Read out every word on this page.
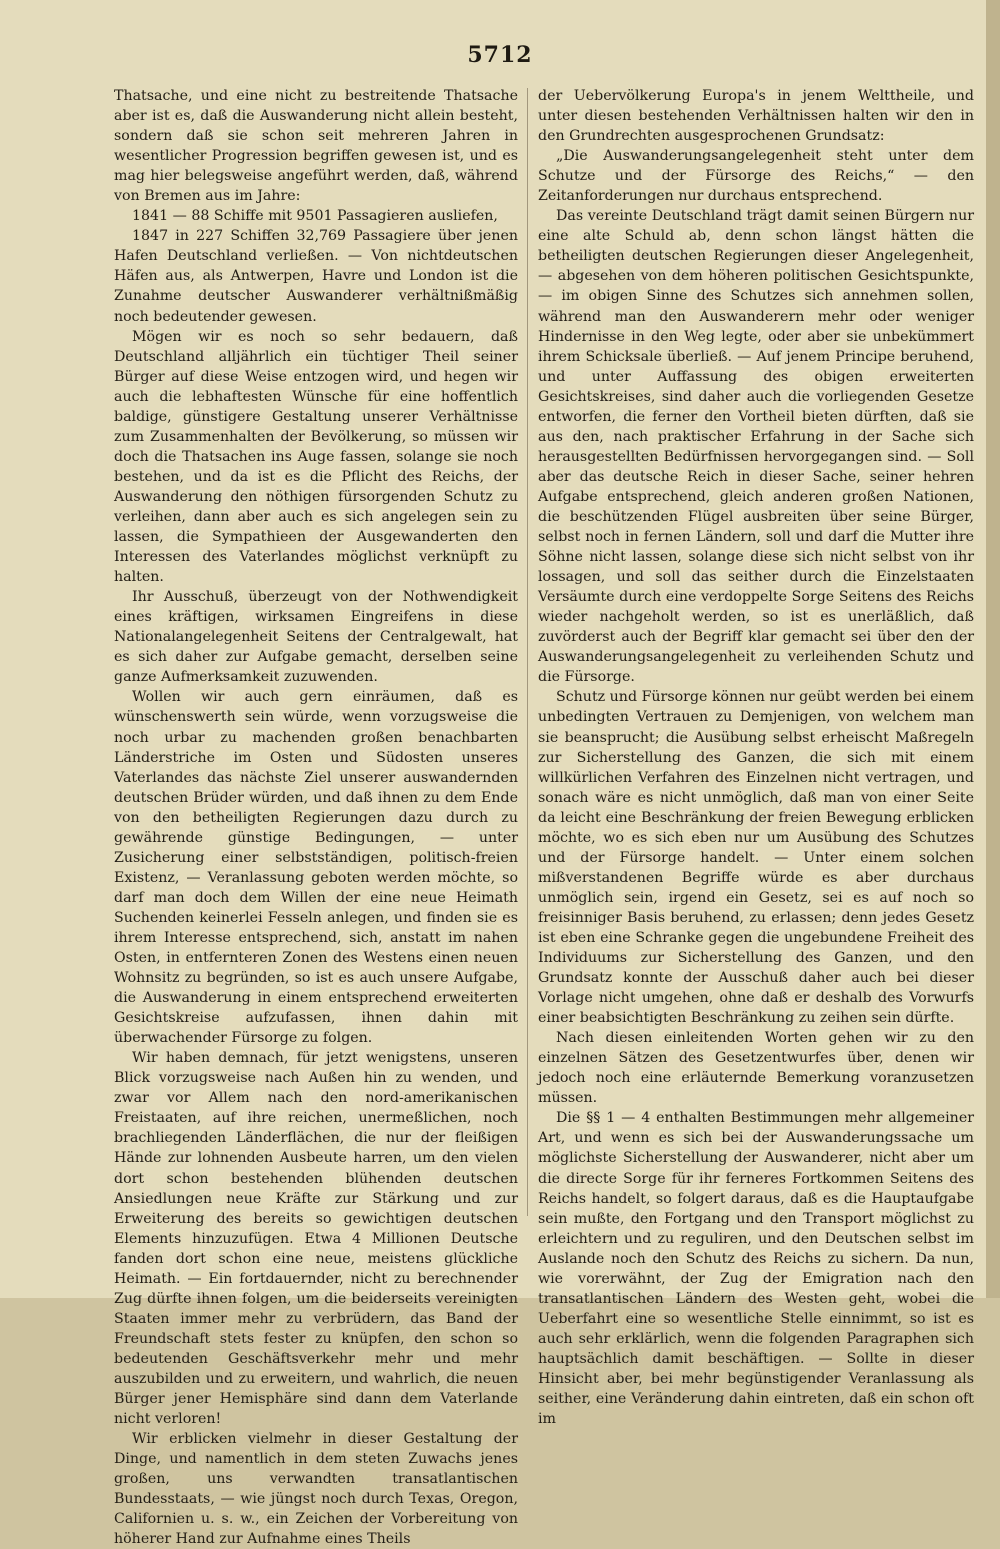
5712

Thatsache, und eine nicht zu bestreitende Thatsache aber ist es, daß die Auswanderung nicht allein besteht, sondern daß sie schon seit mehreren Jahren in wesentlicher Progression begriffen gewesen ist, und es mag hier belegsweise angeführt werden, daß, während von Bremen aus im Jahre:

1841 — 88 Schiffe mit 9501 Passagieren ausliefen,

1847 in 227 Schiffen 32,769 Passagiere über jenen Hafen Deutschland verließen. — Von nichtdeutschen Häfen aus, als Antwerpen, Havre und London ist die Zunahme deutscher Auswanderer verhältnißmäßig noch bedeutender gewesen.

Mögen wir es noch so sehr bedauern, daß Deutschland alljährlich ein tüchtiger Theil seiner Bürger auf diese Weise entzogen wird, und hegen wir auch die lebhaftesten Wünsche für eine hoffentlich baldige, günstigere Gestaltung unserer Verhältnisse zum Zusammenhalten der Bevölkerung, so müssen wir doch die Thatsachen ins Auge fassen, solange sie noch bestehen, und da ist es die Pflicht des Reichs, der Auswanderung den nöthigen fürsorgenden Schutz zu verleihen, dann aber auch es sich angelegen sein zu lassen, die Sympathieen der Ausgewanderten den Interessen des Vaterlandes möglichst verknüpft zu halten.

Ihr Ausschuß, überzeugt von der Nothwendigkeit eines kräftigen, wirksamen Eingreifens in diese Nationalangelegenheit Seitens der Centralgewalt, hat es sich daher zur Aufgabe gemacht, derselben seine ganze Aufmerksamkeit zuzuwenden.

Wollen wir auch gern einräumen, daß es wünschenswerth sein würde, wenn vorzugsweise die noch urbar zu machenden großen benachbarten Länderstriche im Osten und Südosten unseres Vaterlandes das nächste Ziel unserer auswandernden deutschen Brüder würden, und daß ihnen zu dem Ende von den betheiligten Regierungen dazu durch zu gewährende günstige Bedingungen, — unter Zusicherung einer selbstständigen, politisch-freien Existenz, — Veranlassung geboten werden möchte, so darf man doch dem Willen der eine neue Heimath Suchenden keinerlei Fesseln anlegen, und finden sie es ihrem Interesse entsprechend, sich, anstatt im nahen Osten, in entfernteren Zonen des Westens einen neuen Wohnsitz zu begründen, so ist es auch unsere Aufgabe, die Auswanderung in einem entsprechend erweiterten Gesichtskreise aufzufassen, ihnen dahin mit überwachender Fürsorge zu folgen.

Wir haben demnach, für jetzt wenigstens, unseren Blick vorzugsweise nach Außen hin zu wenden, und zwar vor Allem nach den nord-amerikanischen Freistaaten, auf ihre reichen, unermeßlichen, noch brachliegenden Länderflächen, die nur der fleißigen Hände zur lohnenden Ausbeute harren, um den vielen dort schon bestehenden blühenden deutschen Ansiedlungen neue Kräfte zur Stärkung und zur Erweiterung des bereits so gewichtigen deutschen Elements hinzuzufügen. Etwa 4 Millionen Deutsche fanden dort schon eine neue, meistens glückliche Heimath. — Ein fortdauernder, nicht zu berechnender Zug dürfte ihnen folgen, um die beiderseits vereinigten Staaten immer mehr zu verbrüdern, das Band der Freundschaft stets fester zu knüpfen, den schon so bedeutenden Geschäftsverkehr mehr und mehr auszubilden und zu erweitern, und wahrlich, die neuen Bürger jener Hemisphäre sind dann dem Vaterlande nicht verloren!

Wir erblicken vielmehr in dieser Gestaltung der Dinge, und namentlich in dem steten Zuwachs jenes großen, uns verwandten transatlantischen Bundesstaats, — wie jüngst noch durch Texas, Oregon, Californien u. s. w., ein Zeichen der Vorbereitung von höherer Hand zur Aufnahme eines Theils

der Uebervölkerung Europa's in jenem Welttheile, und unter diesen bestehenden Verhältnissen halten wir den in den Grundrechten ausgesprochenen Grundsatz:

„Die Auswanderungsangelegenheit steht unter dem Schutze und der Fürsorge des Reichs,“ — den Zeitanforderungen nur durchaus entsprechend.

Das vereinte Deutschland trägt damit seinen Bürgern nur eine alte Schuld ab, denn schon längst hätten die betheiligten deutschen Regierungen dieser Angelegenheit, — abgesehen von dem höheren politischen Gesichtspunkte, — im obigen Sinne des Schutzes sich annehmen sollen, während man den Auswanderern mehr oder weniger Hindernisse in den Weg legte, oder aber sie unbekümmert ihrem Schicksale überließ. — Auf jenem Principe beruhend, und unter Auffassung des obigen erweiterten Gesichtskreises, sind daher auch die vorliegenden Gesetze entworfen, die ferner den Vortheil bieten dürften, daß sie aus den, nach praktischer Erfahrung in der Sache sich herausgestellten Bedürfnissen hervorgegangen sind. — Soll aber das deutsche Reich in dieser Sache, seiner hehren Aufgabe entsprechend, gleich anderen großen Nationen, die beschützenden Flügel ausbreiten über seine Bürger, selbst noch in fernen Ländern, soll und darf die Mutter ihre Söhne nicht lassen, solange diese sich nicht selbst von ihr lossagen, und soll das seither durch die Einzelstaaten Versäumte durch eine verdoppelte Sorge Seitens des Reichs wieder nachgeholt werden, so ist es unerläßlich, daß zuvörderst auch der Begriff klar gemacht sei über den der Auswanderungsangelegenheit zu verleihenden Schutz und die Fürsorge.

Schutz und Fürsorge können nur geübt werden bei einem unbedingten Vertrauen zu Demjenigen, von welchem man sie beansprucht; die Ausübung selbst erheischt Maßregeln zur Sicherstellung des Ganzen, die sich mit einem willkürlichen Verfahren des Einzelnen nicht vertragen, und sonach wäre es nicht unmöglich, daß man von einer Seite da leicht eine Beschränkung der freien Bewegung erblicken möchte, wo es sich eben nur um Ausübung des Schutzes und der Fürsorge handelt. — Unter einem solchen mißverstandenen Begriffe würde es aber durchaus unmöglich sein, irgend ein Gesetz, sei es auf noch so freisinniger Basis beruhend, zu erlassen; denn jedes Gesetz ist eben eine Schranke gegen die ungebundene Freiheit des Individuums zur Sicherstellung des Ganzen, und den Grundsatz konnte der Ausschuß daher auch bei dieser Vorlage nicht umgehen, ohne daß er deshalb des Vorwurfs einer beabsichtigten Beschränkung zu zeihen sein dürfte.

Nach diesen einleitenden Worten gehen wir zu den einzelnen Sätzen des Gesetzentwurfes über, denen wir jedoch noch eine erläuternde Bemerkung voranzusetzen müssen.

Die §§ 1 — 4 enthalten Bestimmungen mehr allgemeiner Art, und wenn es sich bei der Auswanderungssache um möglichste Sicherstellung der Auswanderer, nicht aber um die directe Sorge für ihr ferneres Fortkommen Seitens des Reichs handelt, so folgert daraus, daß es die Hauptaufgabe sein mußte, den Fortgang und den Transport möglichst zu erleichtern und zu reguliren, und den Deutschen selbst im Auslande noch den Schutz des Reichs zu sichern. Da nun, wie vorerwähnt, der Zug der Emigration nach den transatlantischen Ländern des Westen geht, wobei die Ueberfahrt eine so wesentliche Stelle einnimmt, so ist es auch sehr erklärlich, wenn die folgenden Paragraphen sich hauptsächlich damit beschäftigen. — Sollte in dieser Hinsicht aber, bei mehr begünstigender Veranlassung als seither, eine Veränderung dahin eintreten, daß ein schon oft im
